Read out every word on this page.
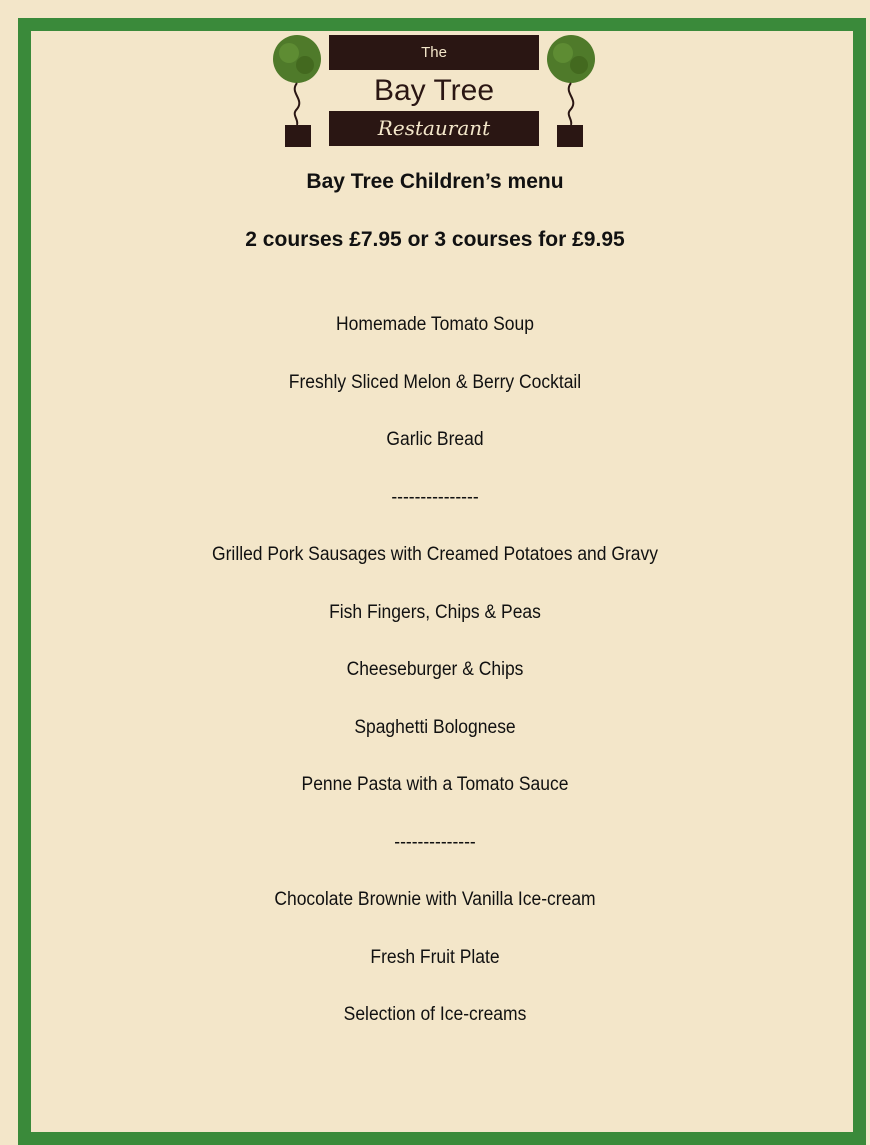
The
Bay Tree
Restaurant
Bay Tree Children’s menu
2 courses £7.95 or 3 courses for £9.95
Homemade Tomato Soup
Freshly Sliced Melon & Berry Cocktail
Garlic Bread
---------------
Grilled Pork Sausages with Creamed Potatoes and Gravy
Fish Fingers, Chips & Peas
Cheeseburger & Chips
Spaghetti Bolognese
Penne Pasta with a Tomato Sauce
--------------
Chocolate Brownie with Vanilla Ice-cream
Fresh Fruit Plate
Selection of Ice-creams
